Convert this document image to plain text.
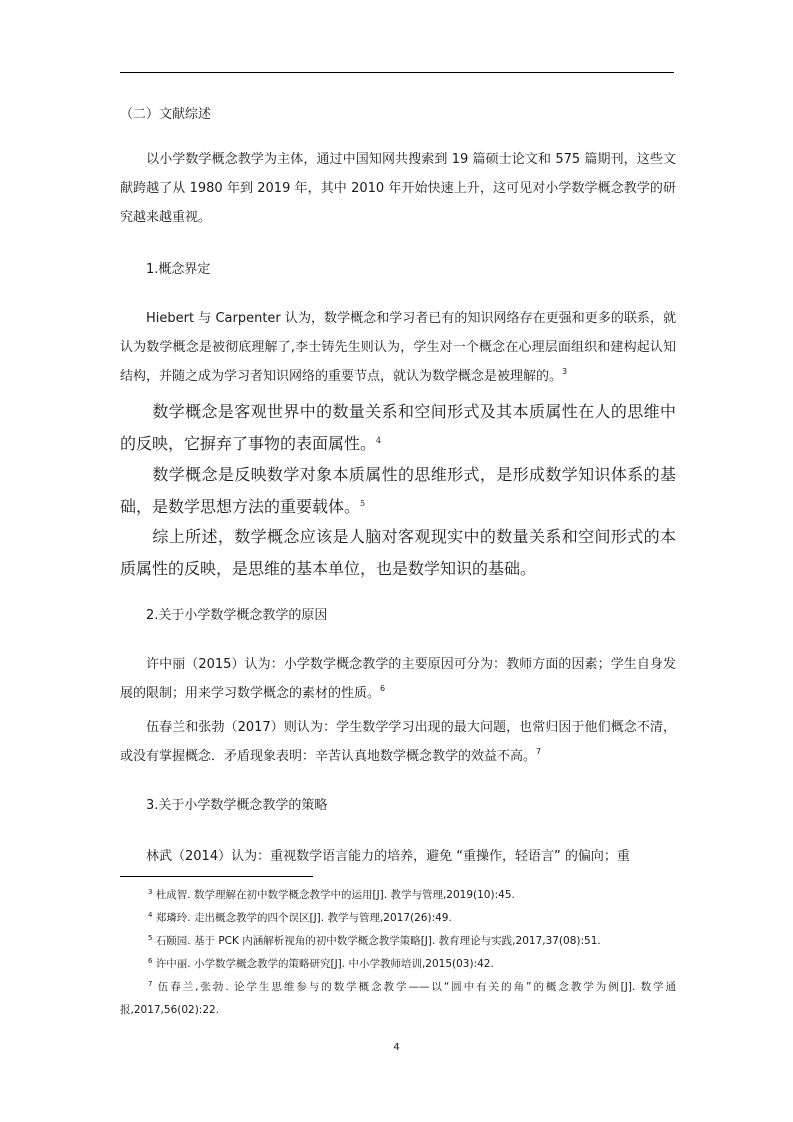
（二）文献综述
以小学数学概念教学为主体，通过中国知网共搜索到 19 篇硕士论文和 575 篇期刊，这些文献跨越了从 1980 年到 2019 年，其中 2010 年开始快速上升，这可见对小学数学概念教学的研究越来越重视。
1.概念界定
Hiebert 与 Carpenter 认为，数学概念和学习者已有的知识网络存在更强和更多的联系，就认为数学概念是被彻底理解了,李士铸先生则认为，学生对一个概念在心理层面组织和建构起认知结构，并随之成为学习者知识网络的重要节点，就认为数学概念是被理解的。$^3$
数学概念是客观世界中的数量关系和空间形式及其本质属性在人的思维中的反映，它摒弃了事物的表面属性。$^4$
数学概念是反映数学对象本质属性的思维形式，是形成数学知识体系的基础，是数学思想方法的重要载体。$^5$
综上所述，数学概念应该是人脑对客观现实中的数量关系和空间形式的本质属性的反映，是思维的基本单位，也是数学知识的基础。
2.关于小学数学概念教学的原因
许中丽（2015）认为：小学数学概念教学的主要原因可分为：教师方面的因素；学生自身发展的限制；用来学习数学概念的素材的性质。$^6$
伍春兰和张勃（2017）则认为：学生数学学习出现的最大问题，也常归因于他们概念不清，或没有掌握概念．矛盾现象表明：辛苦认真地数学概念教学的效益不高。$^7$
3.关于小学数学概念教学的策略
林武（2014）认为：重视数学语言能力的培养，避免 “重操作，轻语言” 的偏向；重
$^3$ 杜成智. 数学理解在初中数学概念教学中的运用[J]. 教学与管理,2019(10):45.
$^4$ 郑璘玲. 走出概念教学的四个误区[J]. 教学与管理,2017(26):49.
$^5$ 石颐园. 基于 PCK 内涵解析视角的初中数学概念教学策略[J]. 教育理论与实践,2017,37(08):51.
$^6$ 许中丽. 小学数学概念教学的策略研究[J]. 中小学教师培训,2015(03):42.
$^7$ 伍春兰,张勃. 论学生思维参与的数学概念教学——以“圆中有关的角”的概念教学为例[J]. 数学通报,2017,56(02):22.
4
